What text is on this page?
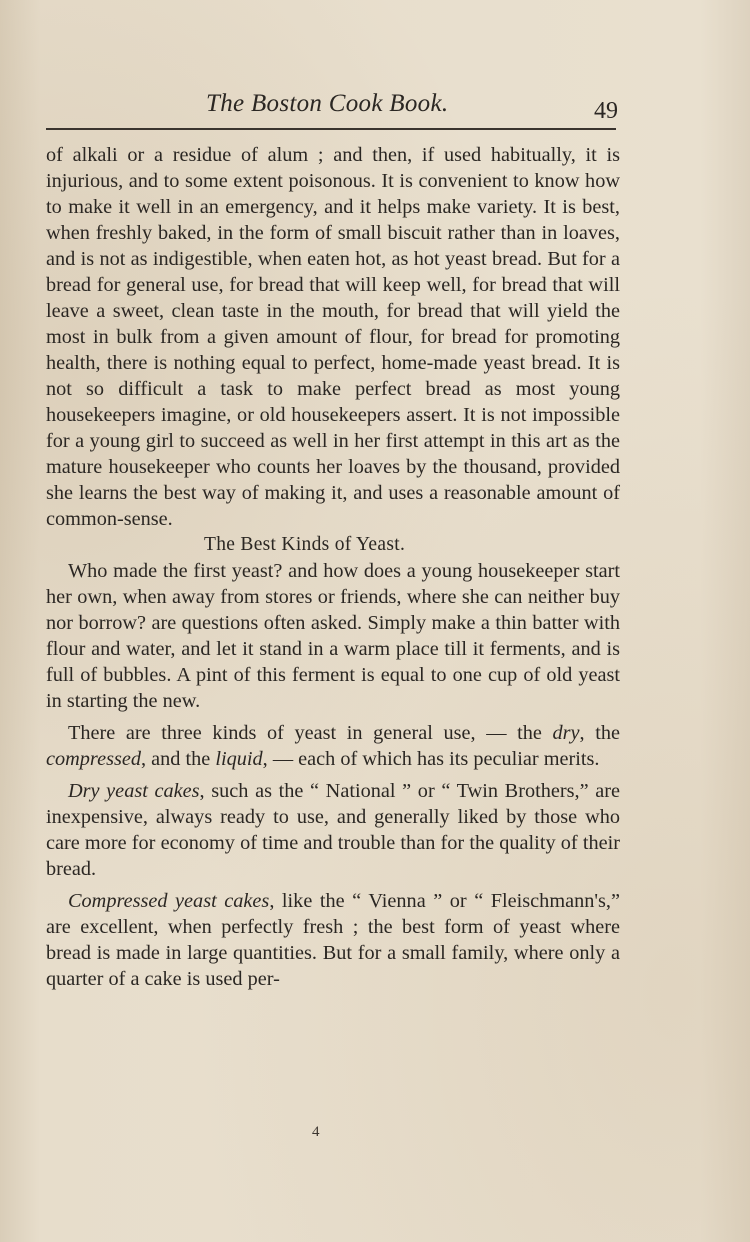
The Boston Cook Book.	49

of alkali or a residue of alum ; and then, if used habitually, it is injurious, and to some extent poisonous. It is convenient to know how to make it well in an emergency, and it helps make variety. It is best, when freshly baked, in the form of small biscuit rather than in loaves, and is not as indigestible, when eaten hot, as hot yeast bread. But for a bread for general use, for bread that will keep well, for bread that will leave a sweet, clean taste in the mouth, for bread that will yield the most in bulk from a given amount of flour, for bread for promoting health, there is nothing equal to perfect, home-made yeast bread. It is not so difficult a task to make perfect bread as most young housekeepers imagine, or old housekeepers assert. It is not impossible for a young girl to succeed as well in her first attempt in this art as the mature housekeeper who counts her loaves by the thousand, provided she learns the best way of making it, and uses a reasonable amount of common-sense.

The Best Kinds of Yeast.

Who made the first yeast? and how does a young housekeeper start her own, when away from stores or friends, where she can neither buy nor borrow? are questions often asked. Simply make a thin batter with flour and water, and let it stand in a warm place till it ferments, and is full of bubbles. A pint of this ferment is equal to one cup of old yeast in starting the new.

There are three kinds of yeast in general use, — the dry, the compressed, and the liquid, — each of which has its peculiar merits.

Dry yeast cakes, such as the “ National ” or “ Twin Brothers,” are inexpensive, always ready to use, and generally liked by those who care more for economy of time and trouble than for the quality of their bread.

Compressed yeast cakes, like the “ Vienna ” or “ Fleischmann's,” are excellent, when perfectly fresh ; the best form of yeast where bread is made in large quantities. But for a small family, where only a quarter of a cake is used per-

4
